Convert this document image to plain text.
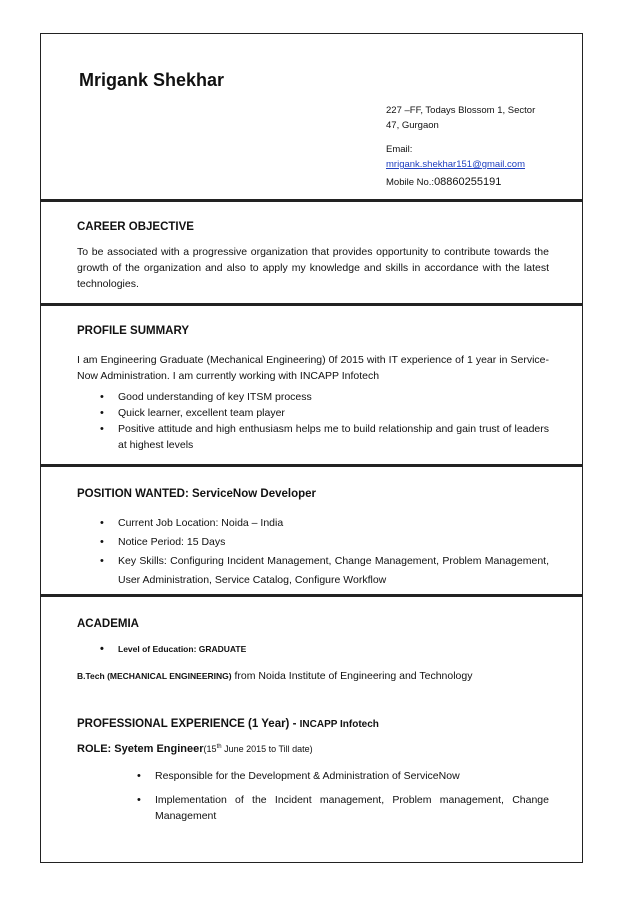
Mrigank Shekhar
227 –FF, Todays Blossom 1, Sector
47, Gurgaon
Email:
mrigank.shekhar151@gmail.com
Mobile No.:08860255191
CAREER OBJECTIVE
To be associated with a progressive organization that provides opportunity to contribute towards the growth of the organization and also to apply my knowledge and skills in accordance with the latest technologies.
PROFILE SUMMARY
I am Engineering Graduate (Mechanical Engineering) 0f 2015 with IT experience of 1 year in Service-Now Administration. I am currently working with INCAPP Infotech
• Good understanding of key ITSM process
• Quick learner, excellent team player
• Positive attitude and high enthusiasm helps me to build relationship and gain trust of leaders at highest levels
POSITION WANTED: ServiceNow Developer
• Current Job Location: Noida – India
• Notice Period: 15 Days
• Key Skills: Configuring Incident Management, Change Management, Problem Management, User Administration, Service Catalog, Configure Workflow
ACADEMIA
• Level of Education: GRADUATE
B.Tech (MECHANICAL ENGINEERING) from Noida Institute of Engineering and Technology
PROFESSIONAL EXPERIENCE (1 Year) - INCAPP Infotech
ROLE: Syetem Engineer(15th June 2015 to Till date)
• Responsible for the Development & Administration of ServiceNow
• Implementation of the Incident management, Problem management, Change Management
